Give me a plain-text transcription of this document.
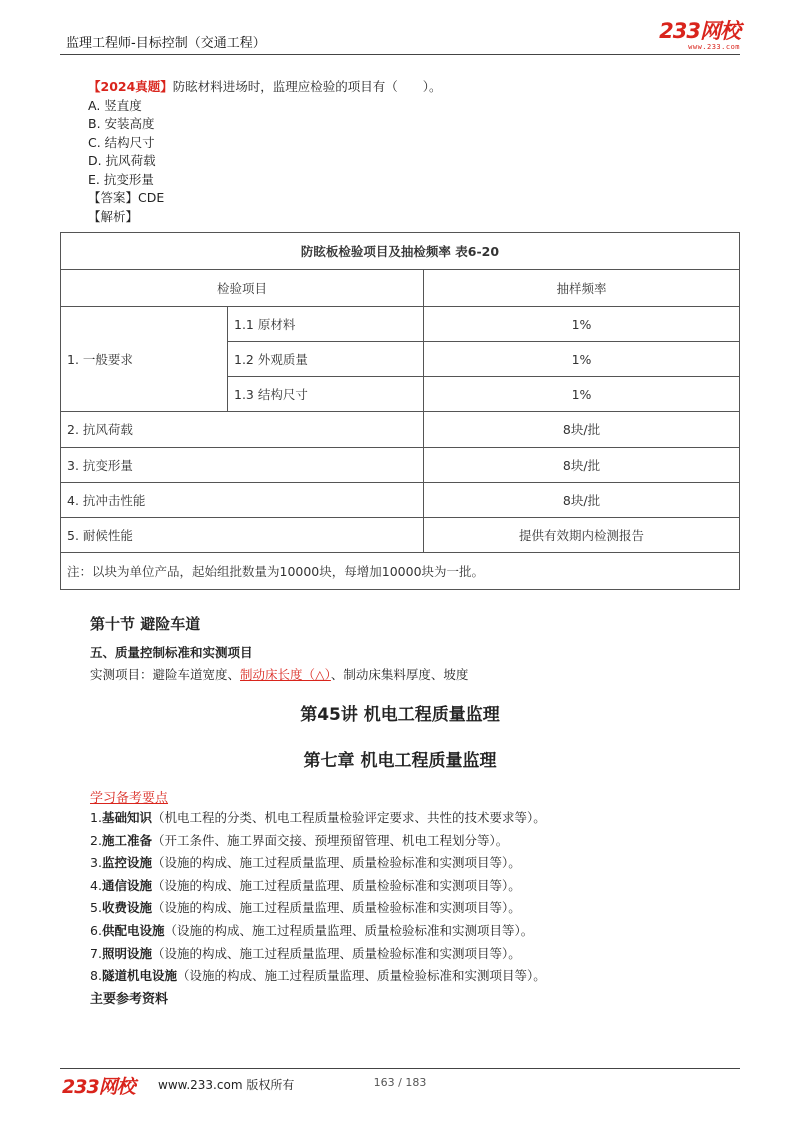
监理工程师-目标控制（交通工程）
233网校
www.233.com
【2024真题】防眩材料进场时，监理应检验的项目有（　　）。
A. 竖直度
B. 安装高度
C. 结构尺寸
D. 抗风荷载
E. 抗变形量
【答案】CDE
【解析】
防眩板检验项目及抽检频率 表6-20		
检验项目		抽样频率
1. 一般要求	1.1 原材料	1%
	1.2 外观质量	1%
	1.3 结构尺寸	1%
2. 抗风荷载		8块/批
3. 抗变形量		8块/批
4. 抗冲击性能		8块/批
5. 耐候性能		提供有效期内检测报告
注：以块为单位产品，起始组批数量为10000块，每增加10000块为一批。		
第十节 避险车道
五、质量控制标准和实测项目
实测项目：避险车道宽度、制动床长度（△）、制动床集料厚度、坡度
第45讲 机电工程质量监理
第七章 机电工程质量监理
学习备考要点
1.基础知识（机电工程的分类、机电工程质量检验评定要求、共性的技术要求等）。
2.施工准备（开工条件、施工界面交接、预埋预留管理、机电工程划分等）。
3.监控设施（设施的构成、施工过程质量监理、质量检验标准和实测项目等）。
4.通信设施（设施的构成、施工过程质量监理、质量检验标准和实测项目等）。
5.收费设施（设施的构成、施工过程质量监理、质量检验标准和实测项目等）。
6.供配电设施（设施的构成、施工过程质量监理、质量检验标准和实测项目等）。
7.照明设施（设施的构成、施工过程质量监理、质量检验标准和实测项目等）。
8.隧道机电设施（设施的构成、施工过程质量监理、质量检验标准和实测项目等）。
主要参考资料
233网校 www.233.com 版权所有	163 / 183
